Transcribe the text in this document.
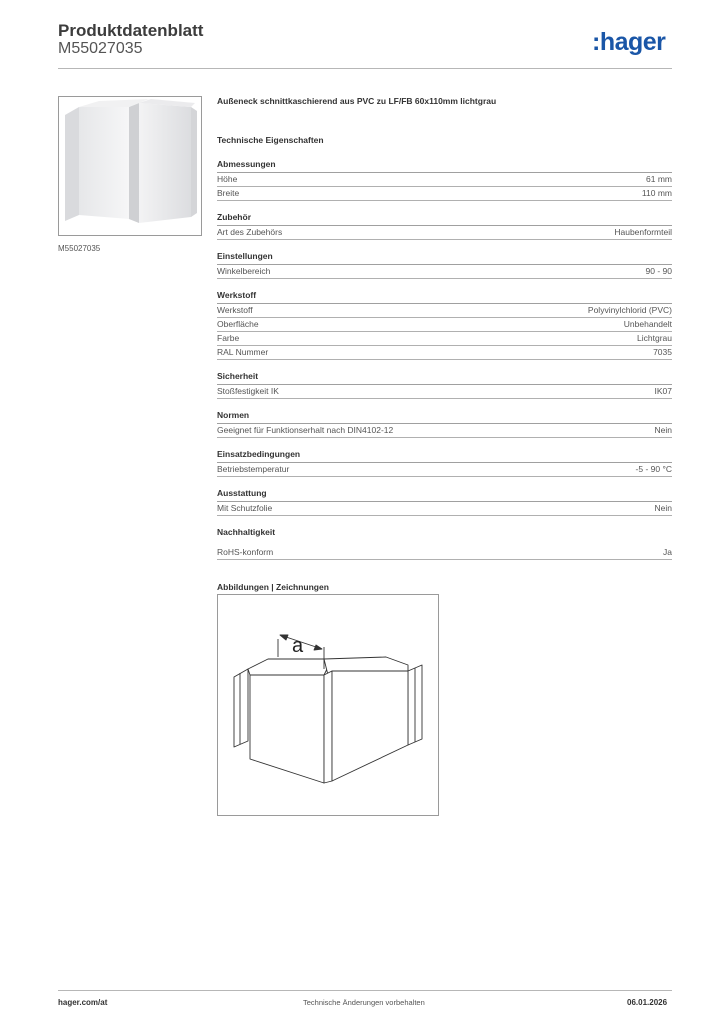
Produktdatenblatt
M55027035	:hager
M55027035
Außeneck schnittkaschierend aus PVC zu LF/FB 60x110mm lichtgrau
Technische Eigenschaften
Abmessungen
Höhe	61 mm
Breite	110 mm
Zubehör
Art des Zubehörs	Haubenformteil
Einstellungen
Winkelbereich	90 - 90
Werkstoff
Werkstoff	Polyvinylchlorid (PVC)
Oberfläche	Unbehandelt
Farbe	Lichtgrau
RAL Nummer	7035
Sicherheit
Stoßfestigkeit IK	IK07
Normen
Geeignet für Funktionserhalt nach DIN4102-12	Nein
Einsatzbedingungen
Betriebstemperatur	-5 - 90 °C
Ausstattung
Mit Schutzfolie	Nein
Nachhaltigkeit
RoHS-konform	Ja
Abbildungen | Zeichnungen
a
hager.com/at	Technische Änderungen vorbehalten	06.01.2026
